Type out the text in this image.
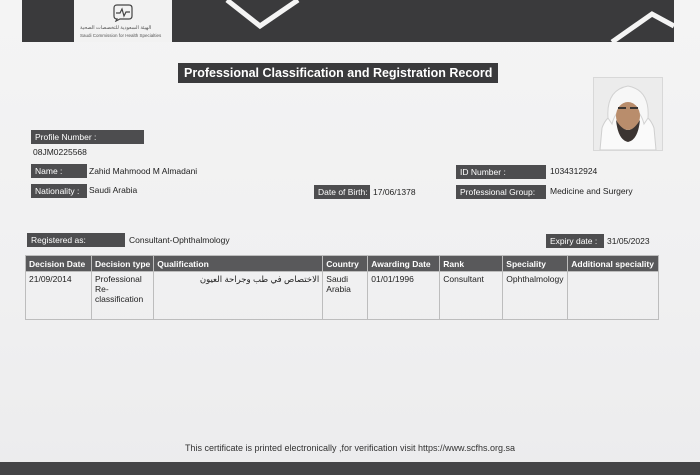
الهيئة السعودية للتخصصات الصحية
Saudi Commission for Health Specialties
Professional Classification and Registration Record
Profile Number :
08JM0225568
Name :	Zahid Mahmood M Almadani	ID Number :	1034312924
Nationality :	Saudi Arabia	Date of Birth: 17/06/1378	Professional Group:	Medicine and Surgery
Registered as:	Consultant-Ophthalmology	Expiry date :	31/05/2023
Decision Date	Decision type	Qualification	Country	Awarding Date	Rank	Speciality	Additional speciality
21/09/2014	Professional Re-classification	الاختصاص في طب وجراحة العيون	Saudi Arabia	01/01/1996	Consultant	Ophthalmology	
This certificate is printed electronically ,for verification visit https://www.scfhs.org.sa
